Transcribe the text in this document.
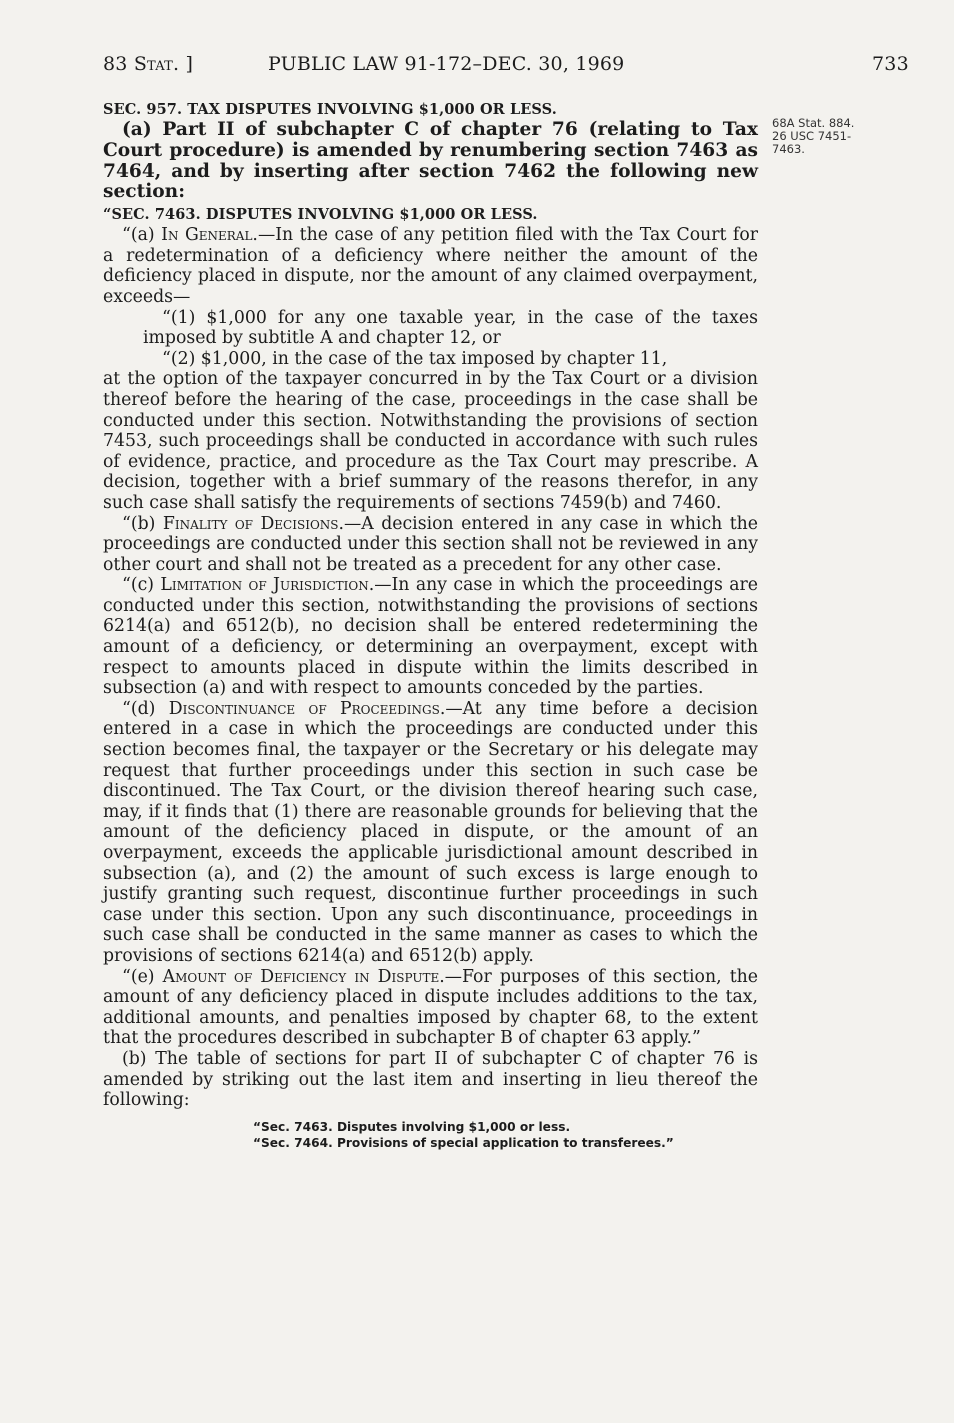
83 Stat. ]	PUBLIC LAW 91-172–DEC. 30, 1969	733
68A Stat. 884.
26 USC 7451-
7463.

SEC. 957. TAX DISPUTES INVOLVING $1,000 OR LESS.

(a) Part II of subchapter C of chapter 76 (relating to Tax Court procedure) is amended by renumbering section 7463 as 7464, and by inserting after section 7462 the following new section:

“SEC. 7463. DISPUTES INVOLVING $1,000 OR LESS.

“(a) In General.—In the case of any petition filed with the Tax Court for a redetermination of a deficiency where neither the amount of the deficiency placed in dispute, nor the amount of any claimed overpayment, exceeds—

“(1) $1,000 for any one taxable year, in the case of the taxes imposed by subtitle A and chapter 12, or

“(2) $1,000, in the case of the tax imposed by chapter 11,

at the option of the taxpayer concurred in by the Tax Court or a division thereof before the hearing of the case, proceedings in the case shall be conducted under this section. Notwithstanding the provisions of section 7453, such proceedings shall be conducted in accordance with such rules of evidence, practice, and procedure as the Tax Court may prescribe. A decision, together with a brief summary of the reasons therefor, in any such case shall satisfy the requirements of sections 7459(b) and 7460.

“(b) Finality of Decisions.—A decision entered in any case in which the proceedings are conducted under this section shall not be reviewed in any other court and shall not be treated as a precedent for any other case.

“(c) Limitation of Jurisdiction.—In any case in which the proceedings are conducted under this section, notwithstanding the provisions of sections 6214(a) and 6512(b), no decision shall be entered redetermining the amount of a deficiency, or determining an overpayment, except with respect to amounts placed in dispute within the limits described in subsection (a) and with respect to amounts conceded by the parties.

“(d) Discontinuance of Proceedings.—At any time before a decision entered in a case in which the proceedings are conducted under this section becomes final, the taxpayer or the Secretary or his delegate may request that further proceedings under this section in such case be discontinued. The Tax Court, or the division thereof hearing such case, may, if it finds that (1) there are reasonable grounds for believing that the amount of the deficiency placed in dispute, or the amount of an overpayment, exceeds the applicable jurisdictional amount described in subsection (a), and (2) the amount of such excess is large enough to justify granting such request, discontinue further proceedings in such case under this section. Upon any such discontinuance, proceedings in such case shall be conducted in the same manner as cases to which the provisions of sections 6214(a) and 6512(b) apply.

“(e) Amount of Deficiency in Dispute.—For purposes of this section, the amount of any deficiency placed in dispute includes additions to the tax, additional amounts, and penalties imposed by chapter 68, to the extent that the procedures described in subchapter B of chapter 63 apply.”

(b) The table of sections for part II of subchapter C of chapter 76 is amended by striking out the last item and inserting in lieu thereof the following:

“Sec. 7463. Disputes involving $1,000 or less.
“Sec. 7464. Provisions of special application to transferees.”
